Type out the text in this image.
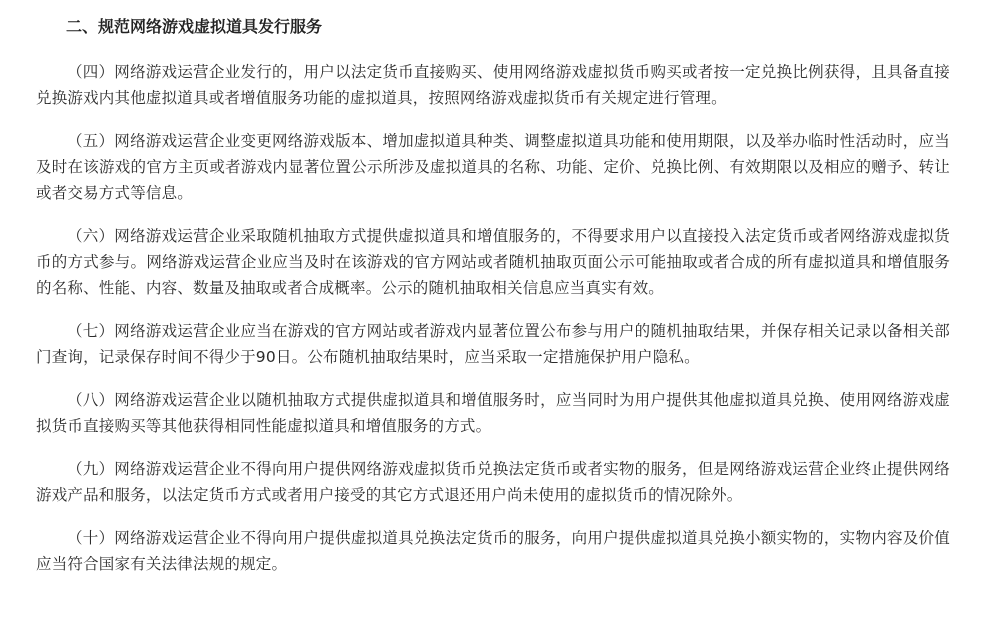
二、规范网络游戏虚拟道具发行服务

（四）网络游戏运营企业发行的，用户以法定货币直接购买、使用网络游戏虚拟货币购买或者按一定兑换比例获得，且具备直接兑换游戏内其他虚拟道具或者增值服务功能的虚拟道具，按照网络游戏虚拟货币有关规定进行管理。

（五）网络游戏运营企业变更网络游戏版本、增加虚拟道具种类、调整虚拟道具功能和使用期限，以及举办临时性活动时，应当及时在该游戏的官方主页或者游戏内显著位置公示所涉及虚拟道具的名称、功能、定价、兑换比例、有效期限以及相应的赠予、转让或者交易方式等信息。

（六）网络游戏运营企业采取随机抽取方式提供虚拟道具和增值服务的，不得要求用户以直接投入法定货币或者网络游戏虚拟货币的方式参与。网络游戏运营企业应当及时在该游戏的官方网站或者随机抽取页面公示可能抽取或者合成的所有虚拟道具和增值服务的名称、性能、内容、数量及抽取或者合成概率。公示的随机抽取相关信息应当真实有效。

（七）网络游戏运营企业应当在游戏的官方网站或者游戏内显著位置公布参与用户的随机抽取结果，并保存相关记录以备相关部门查询，记录保存时间不得少于90日。公布随机抽取结果时，应当采取一定措施保护用户隐私。

（八）网络游戏运营企业以随机抽取方式提供虚拟道具和增值服务时，应当同时为用户提供其他虚拟道具兑换、使用网络游戏虚拟货币直接购买等其他获得相同性能虚拟道具和增值服务的方式。

（九）网络游戏运营企业不得向用户提供网络游戏虚拟货币兑换法定货币或者实物的服务，但是网络游戏运营企业终止提供网络游戏产品和服务，以法定货币方式或者用户接受的其它方式退还用户尚未使用的虚拟货币的情况除外。

（十）网络游戏运营企业不得向用户提供虚拟道具兑换法定货币的服务，向用户提供虚拟道具兑换小额实物的，实物内容及价值应当符合国家有关法律法规的规定。
